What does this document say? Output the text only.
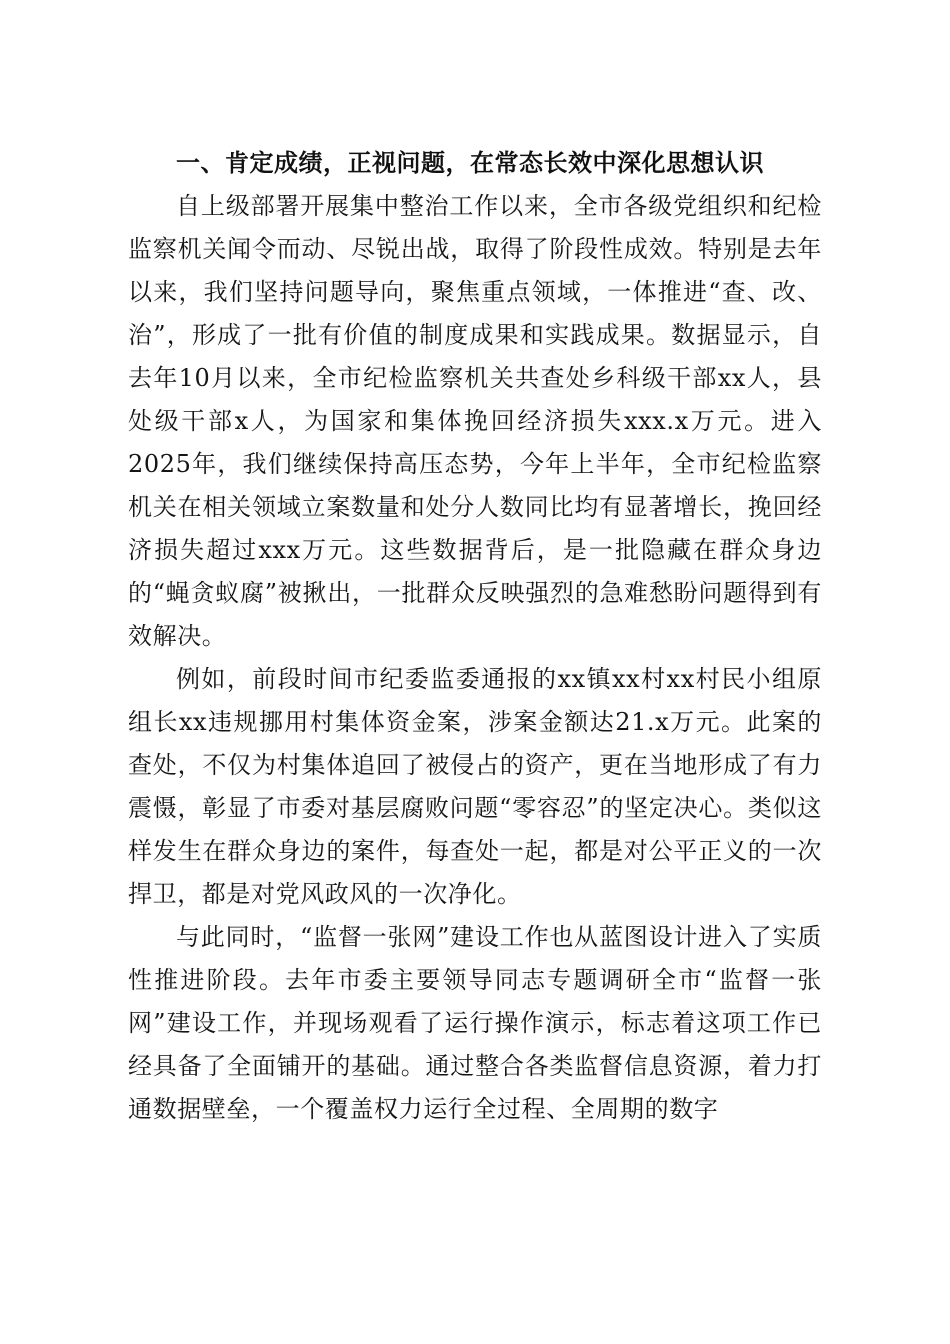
一、肯定成绩，正视问题，在常态长效中深化思想认识

自上级部署开展集中整治工作以来，全市各级党组织和纪检监察机关闻令而动、尽锐出战，取得了阶段性成效。特别是去年以来，我们坚持问题导向，聚焦重点领域，一体推进“查、改、治”，形成了一批有价值的制度成果和实践成果。数据显示，自去年10月以来，全市纪检监察机关共查处乡科级干部xx人，县处级干部x人，为国家和集体挽回经济损失xxx.x万元。进入2025年，我们继续保持高压态势，今年上半年，全市纪检监察机关在相关领域立案数量和处分人数同比均有显著增长，挽回经济损失超过xxx万元。这些数据背后，是一批隐藏在群众身边的“蝇贪蚁腐”被揪出，一批群众反映强烈的急难愁盼问题得到有效解决。

例如，前段时间市纪委监委通报的xx镇xx村xx村民小组原组长xx违规挪用村集体资金案，涉案金额达21.x万元。此案的查处，不仅为村集体追回了被侵占的资产，更在当地形成了有力震慑，彰显了市委对基层腐败问题“零容忍”的坚定决心。类似这样发生在群众身边的案件，每查处一起，都是对公平正义的一次捍卫，都是对党风政风的一次净化。

与此同时，“监督一张网”建设工作也从蓝图设计进入了实质性推进阶段。去年市委主要领导同志专题调研全市“监督一张网”建设工作，并现场观看了运行操作演示，标志着这项工作已经具备了全面铺开的基础。通过整合各类监督信息资源，着力打通数据壁垒，一个覆盖权力运行全过程、全周期的数字
